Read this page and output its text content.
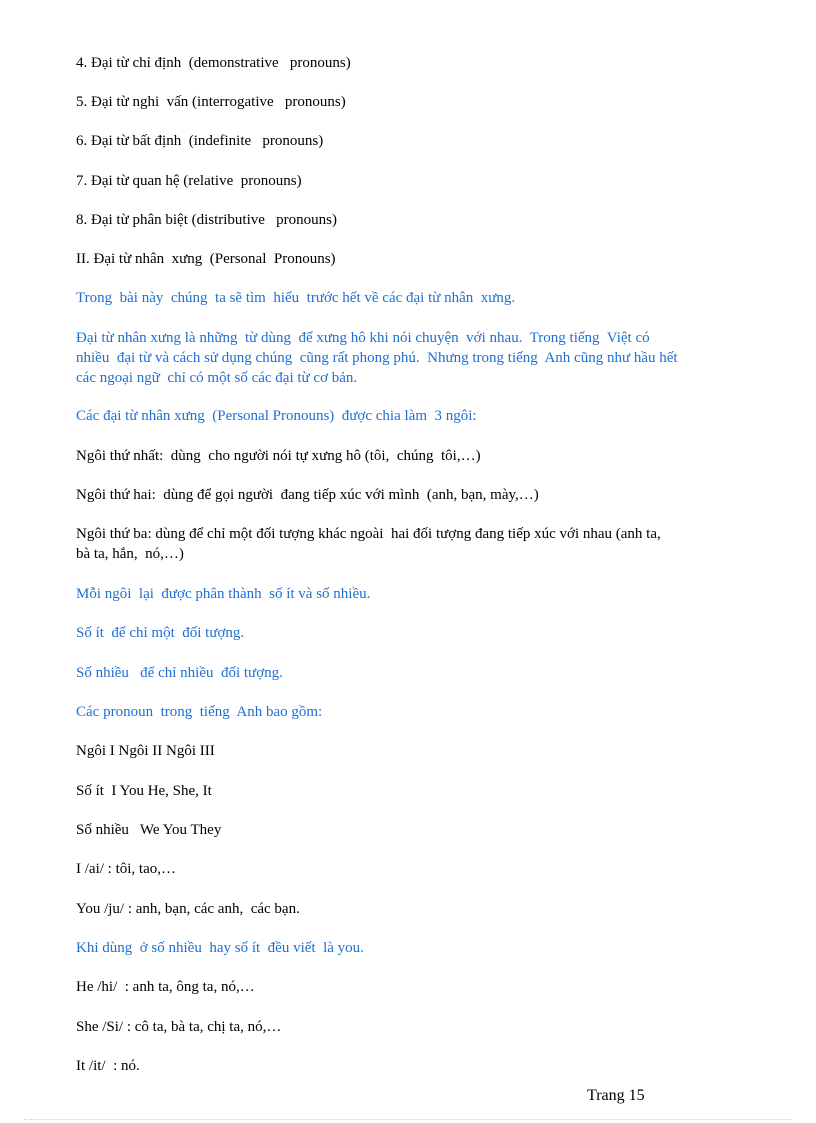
4. Đại từ chỉ định  (demonstrative   pronouns)
5. Đại từ nghi  vấn (interrogative   pronouns)
6. Đại từ bất định  (indefinite   pronouns)
7. Đại từ quan hệ (relative  pronouns)
8. Đại từ phân biệt (distributive   pronouns)
II. Đại từ nhân  xưng  (Personal  Pronouns)
Trong  bài này  chúng  ta sẽ tìm  hiểu  trước hết về các đại từ nhân  xưng.
Đại từ nhân xưng là những  từ dùng  để xưng hô khi nói chuyện  với nhau.  Trong tiếng  Việt có
nhiều  đại từ và cách sử dụng chúng  cũng rất phong phú.  Nhưng trong tiếng  Anh cũng như hầu hết
các ngoại ngữ  chỉ có một số các đại từ cơ bản.
Các đại từ nhân xưng  (Personal Pronouns)  được chia làm  3 ngôi:
Ngôi thứ nhất:  dùng  cho người nói tự xưng hô (tôi,  chúng  tôi,…)
Ngôi thứ hai:  dùng để gọi người  đang tiếp xúc với mình  (anh, bạn, mày,…)
Ngôi thứ ba: dùng để chỉ một đối tượng khác ngoài  hai đối tượng đang tiếp xúc với nhau (anh ta,
bà ta, hắn,  nó,…)
Mỗi ngôi  lại  được phân thành  số ít và số nhiều.
Số ít  để chỉ một  đối tượng.
Số nhiều   để chỉ nhiều  đối tượng.
Các pronoun  trong  tiếng  Anh bao gồm:
Ngôi I Ngôi II Ngôi III
Số ít  I You He, She, It
Số nhiều   We You They
I /ai/ : tôi, tao,…
You /ju/ : anh, bạn, các anh,  các bạn.
Khi dùng  ở số nhiều  hay số ít  đều viết  là you.
He /hi/  : anh ta, ông ta, nó,…
She /Si/ : cô ta, bà ta, chị ta, nó,…
It /it/  : nó.
Trang 15
